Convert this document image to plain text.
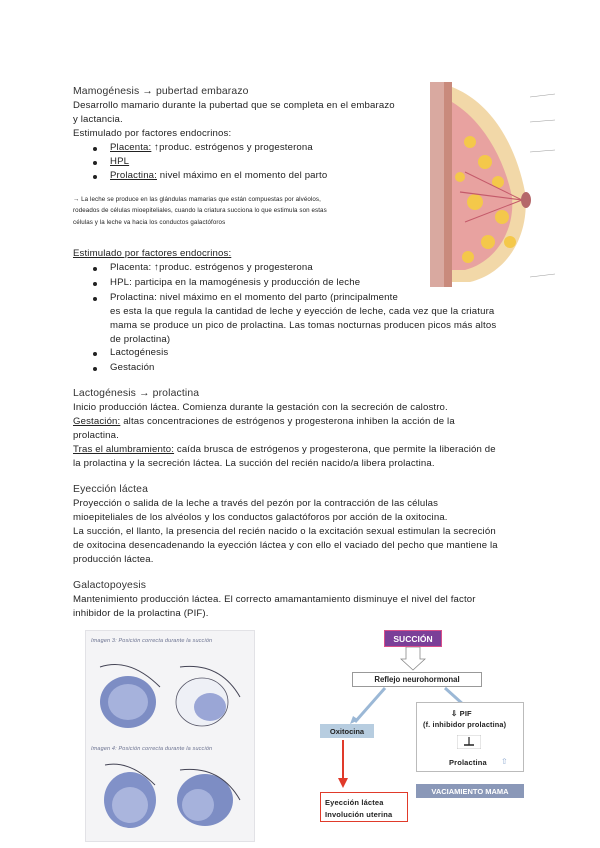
Mamogénesis → pubertad embarazo
Desarrollo mamario durante la pubertad que se completa en el embarazo
y lactancia.
Estimulado por factores endocrinos:
Placenta: ↑produc. estrógenos y progesterona
HPL
Prolactina: nivel máximo en el momento del parto
→ La leche se produce en las glándulas mamarias que están compuestas por alvéolos,
rodeados de células mioepiteliales, cuando la criatura succiona lo que estimula son estas
células y la leche va hacia los conductos galactóforos
Estimulado por factores endocrinos:
Placenta: ↑produc. estrógenos y progesterona
HPL: participa en la mamogénesis y producción de leche
Prolactina: nivel máximo en el momento del parto (principalmente
es esta la que regula la cantidad de leche y eyección de leche, cada vez que la criatura
mama se produce un pico de prolactina. Las tomas nocturnas producen picos más altos
de prolactina)
Lactogénesis
Gestación
Lactogénesis → prolactina
Inicio producción láctea. Comienza durante la gestación con la secreción de calostro.
Gestación: altas concentraciones de estrógenos y progesterona inhiben la acción de la
prolactina.
Tras el alumbramiento: caída brusca de estrógenos y progesterona, que permite la liberación de
la prolactina y la secreción láctea. La succión del recién nacido/a libera prolactina.
Eyección láctea
Proyección o salida de la leche a través del pezón por la contracción de las células
mioepiteliales de los alvéolos y los conductos galactóforos por acción de la oxitocina.
La succión, el llanto, la presencia del recién nacido o la excitación sexual estimulan la secreción
de oxitocina desencadenando la eyección láctea y con ello el vaciado del pecho que mantiene la
producción láctea.
Galactopoyesis
Mantenimiento producción láctea. El correcto amamantamiento disminuye el nivel del factor
inhibidor de la prolactina (PIF).
Imagen 3: Posición correcta durante la succión
Imagen 4: Posición correcta durante la succión
SUCCIÓN
Reflejo neurohormonal
Oxitocina
⇩ PIF
(f. inhibidor prolactina)
Prolactina ⇧
VACIAMIENTO MAMA
Eyección láctea
Involución uterina
